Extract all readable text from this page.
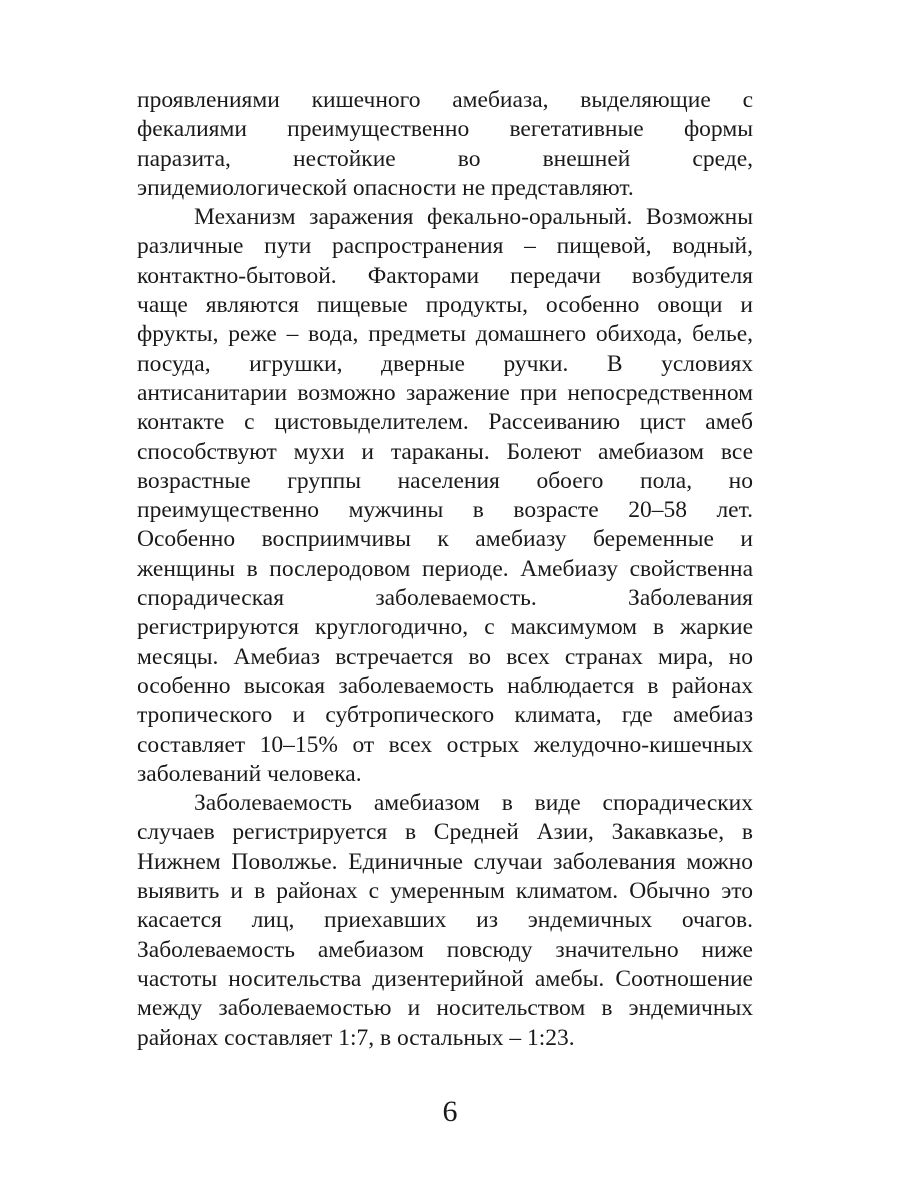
проявлениями кишечного амебиаза, выделяющие с
фекалиями преимущественно вегетативные формы
паразита, нестойкие во внешней среде,
эпидемиологической опасности не представляют.
Механизм заражения фекально-оральный. Возможны
различные пути распространения – пищевой, водный,
контактно-бытовой. Факторами передачи возбудителя
чаще являются пищевые продукты, особенно овощи и
фрукты, реже – вода, предметы домашнего обихода, белье,
посуда, игрушки, дверные ручки. В условиях
антисанитарии возможно заражение при непосредственном
контакте с цистовыделителем. Рассеиванию цист амеб
способствуют мухи и тараканы. Болеют амебиазом все
возрастные группы населения обоего пола, но
преимущественно мужчины в возрасте 20–58 лет.
Особенно восприимчивы к амебиазу беременные и
женщины в послеродовом периоде. Амебиазу свойственна
спорадическая заболеваемость. Заболевания
регистрируются круглогодично, с максимумом в жаркие
месяцы. Амебиаз встречается во всех странах мира, но
особенно высокая заболеваемость наблюдается в районах
тропического и субтропического климата, где амебиаз
составляет 10–15% от всех острых желудочно-кишечных
заболеваний человека.
Заболеваемость амебиазом в виде спорадических
случаев регистрируется в Средней Азии, Закавказье, в
Нижнем Поволжье. Единичные случаи заболевания можно
выявить и в районах с умеренным климатом. Обычно это
касается лиц, приехавших из эндемичных очагов.
Заболеваемость амебиазом повсюду значительно ниже
частоты носительства дизентерийной амебы. Соотношение
между заболеваемостью и носительством в эндемичных
районах составляет 1:7, в остальных – 1:23.
6
